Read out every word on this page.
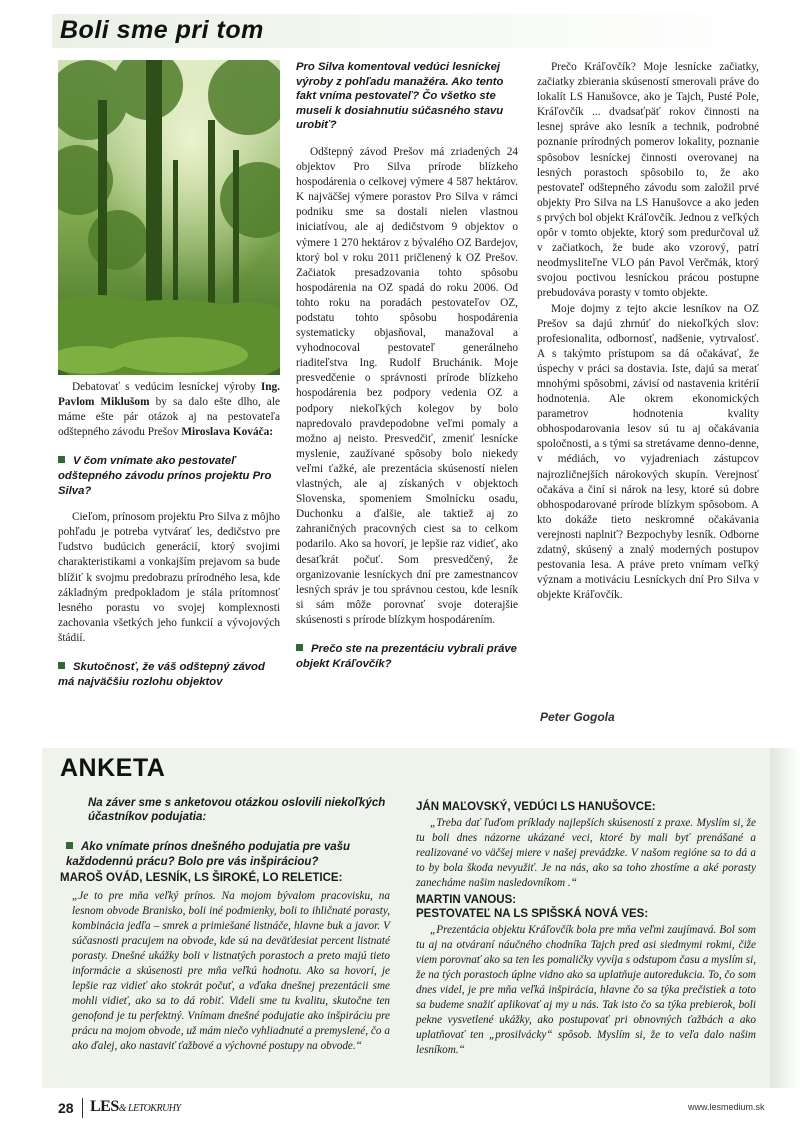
Boli sme pri tom

Debatovať s vedúcim lesníckej výroby Ing. Pavlom Miklušom by sa dalo ešte dlho, ale máme ešte pár otázok aj na pestovateľa odštepného závodu Prešov Miroslava Kováča:

V čom vnímate ako pestovateľ odštepného závodu prínos projektu Pro Silva?

Cieľom, prínosom projektu Pro Silva z môjho pohľadu je potreba vytvárať les, dedičstvo pre ľudstvo budúcich generácií, ktorý svojimi charakteristikami a vonkajším prejavom sa bude blížiť k svojmu predobrazu prírodného lesa, kde základným predpokladom je stála prítomnosť lesného porastu vo svojej komplexnosti zachovania všetkých jeho funkcií a vývojových štádií.

Skutočnosť, že váš odštepný závod má najväčšiu rozlohu objektov
Pro Silva komentoval vedúci lesníckej výroby z pohľadu manažéra. Ako tento fakt vníma pestovateľ? Čo všetko ste museli k dosiahnutiu súčasného stavu urobiť?

Odštepný závod Prešov má zriadených 24 objektov Pro Silva prírode blízkeho hospodárenia o celkovej výmere 4 587 hektárov. K najväčšej výmere porastov Pro Silva v rámci podniku sme sa dostali nielen vlastnou iniciatívou, ale aj dedičstvom 9 objektov o výmere 1 270 hektárov z bývalého OZ Bardejov, ktorý bol v roku 2011 pričlenený k OZ Prešov. Začiatok presadzovania tohto spôsobu hospodárenia na OZ spadá do roku 2006. Od tohto roku na poradách pestovateľov OZ, podstatu tohto spôsobu hospodárenia systematicky objasňoval, manažoval a vyhodnocoval pestovateľ generálneho riaditeľstva Ing. Rudolf Bruchánik. Moje presvedčenie o správnosti prírode blízkeho hospodárenia bez podpory vedenia OZ a podpory niekoľkých kolegov by bolo napredovalo pravdepodobne veľmi pomaly a možno aj neisto. Presvedčiť, zmeniť lesnícke myslenie, zaužívané spôsoby bolo niekedy veľmi ťažké, ale prezentácia skúseností nielen vlastných, ale aj získaných v objektoch Slovenska, spomeniem Smolnícku osadu, Duchonku a ďalšie, ale taktiež aj zo zahraničných pracovných ciest sa to celkom podarilo. Ako sa hovorí, je lepšie raz vidieť, ako desaťkrát počuť. Som presvedčený, že organizovanie lesníckych dní pre zamestnancov lesných správ je tou správnou cestou, kde lesník si sám môže porovnať svoje doterajšie skúsenosti s prírode blízkym hospodárením.

Prečo ste na prezentáciu vybrali práve objekt Kráľovčík?

Prečo Kráľovčík? Moje lesnícke začiatky, začiatky zbierania skúseností smerovali práve do lokalít LS Hanušovce, ako je Tajch, Pusté Pole, Kráľovčík ... dvadsaťpäť rokov činnosti na lesnej správe ako lesník a technik, podrobné poznanie prírodných pomerov lokality, poznanie spôsobov lesníckej činnosti overovanej na lesných porastoch spôsobilo to, že ako pestovateľ odštepného závodu som založil prvé objekty Pro Silva na LS Hanušovce a ako jeden s prvých bol objekt Kráľovčík. Jednou z veľkých opôr v tomto objekte, ktorý som predurčoval už v začiatkoch, že bude ako vzorový, patrí neodmysliteľne VLO pán Pavol Verčmák, ktorý svojou poctivou lesníckou prácou postupne prebudováva porasty v tomto objekte.

Moje dojmy z tejto akcie lesníkov na OZ Prešov sa dajú zhrnúť do niekoľkých slov: profesionalita, odbornosť, nadšenie, vytrvalosť. A s takýmto prístupom sa dá očakávať, že úspechy v práci sa dostavia. Iste, dajú sa merať mnohými spôsobmi, závisí od nastavenia kritérií hodnotenia. Ale okrem ekonomických parametrov hodnotenia kvality obhospodarovania lesov sú tu aj očakávania spoločnosti, a s tými sa stretávame denno-denne, v médiách, vo vyjadreniach zástupcov najrozličnejších nárokových skupín. Verejnosť očakáva a činí si nárok na lesy, ktoré sú dobre obhospodarované prírode blízkym spôsobom. A kto dokáže tieto neskromné očakávania verejnosti naplniť? Bezpochyby lesník. Odborne zdatný, skúsený a znalý moderných postupov pestovania lesa. A práve preto vnímam veľký význam a motiváciu Lesníckych dní Pro Silva v objekte Kráľovčík.

Peter Gogola
ANKETA
Na záver sme s anketovou otázkou oslovili niekoľkých účastníkov podujatia:
Ako vnímate prínos dnešného podujatia pre vašu každodennú prácu? Bolo pre vás inšpiráciou?
MAROŠ OVÁD, LESNÍK, LS ŠIROKÉ, LO RELETICE:
„Je to pre mňa veľký prínos. Na mojom bývalom pracovisku, na lesnom obvode Branisko, boli iné podmienky, boli to ihličnaté porasty, kombinácia jedľa – smrek a primiešané listnáče, hlavne buk a javor. V súčasnosti pracujem na obvode, kde sú na deväťdesiat percent listnaté porasty. Dnešné ukážky boli v listnatých porastoch a preto majú tieto informácie a skúsenosti pre mňa veľkú hodnotu. Ako sa hovorí, je lepšie raz vidieť ako stokrát počuť, a vďaka dnešnej prezentácii sme mohli vidieť, ako sa to dá robiť. Videli sme tu kvalitu, skutočne ten genofond je tu perfektný. Vnímam dnešné podujatie ako inšpiráciu pre prácu na mojom obvode, už mám niečo vyhliadnuté a premyslené, čo a ako ďalej, ako nastaviť ťažbové a výchovné postupy na obvode.“
JÁN MAĽOVSKÝ, VEDÚCI LS HANUŠOVCE:
„Treba dať ľuďom príklady najlepších skúseností z praxe. Myslím si, že tu boli dnes názorne ukázané veci, ktoré by mali byť prenášané a realizované vo väčšej miere v našej prevádzke. V našom regióne sa to dá a to by bola škoda nevyužiť. Je na nás, ako sa toho zhostíme a aké porasty zanecháme našim nasledovníkom .“
MARTIN VANOUS:
PESTOVATEĽ NA LS SPIŠSKÁ NOVÁ VES:
„Prezentácia objektu Kráľovčík bola pre mňa veľmi zaujímavá. Bol som tu aj na otváraní náučného chodníka Tajch pred asi siedmymi rokmi, čiže viem porovnať ako sa ten les pomaličky vyvíja s odstupom času a myslím si, že na tých porastoch úplne vidno ako sa uplatňuje autoredukcia. To, čo som dnes videl, je pre mňa veľká inšpirácia, hlavne čo sa týka prečistiek a toto sa budeme snažiť aplikovať aj my u nás. Tak isto čo sa týka prebierok, boli pekne vysvetlené ukážky, ako postupovať pri obnovných ťažbách a ako uplatňovať ten „prosilvácky“ spôsob. Myslím si, že to veľa dalo našim lesníkom.“
28 LES& LETOKRUHY	www.lesmedium.sk
